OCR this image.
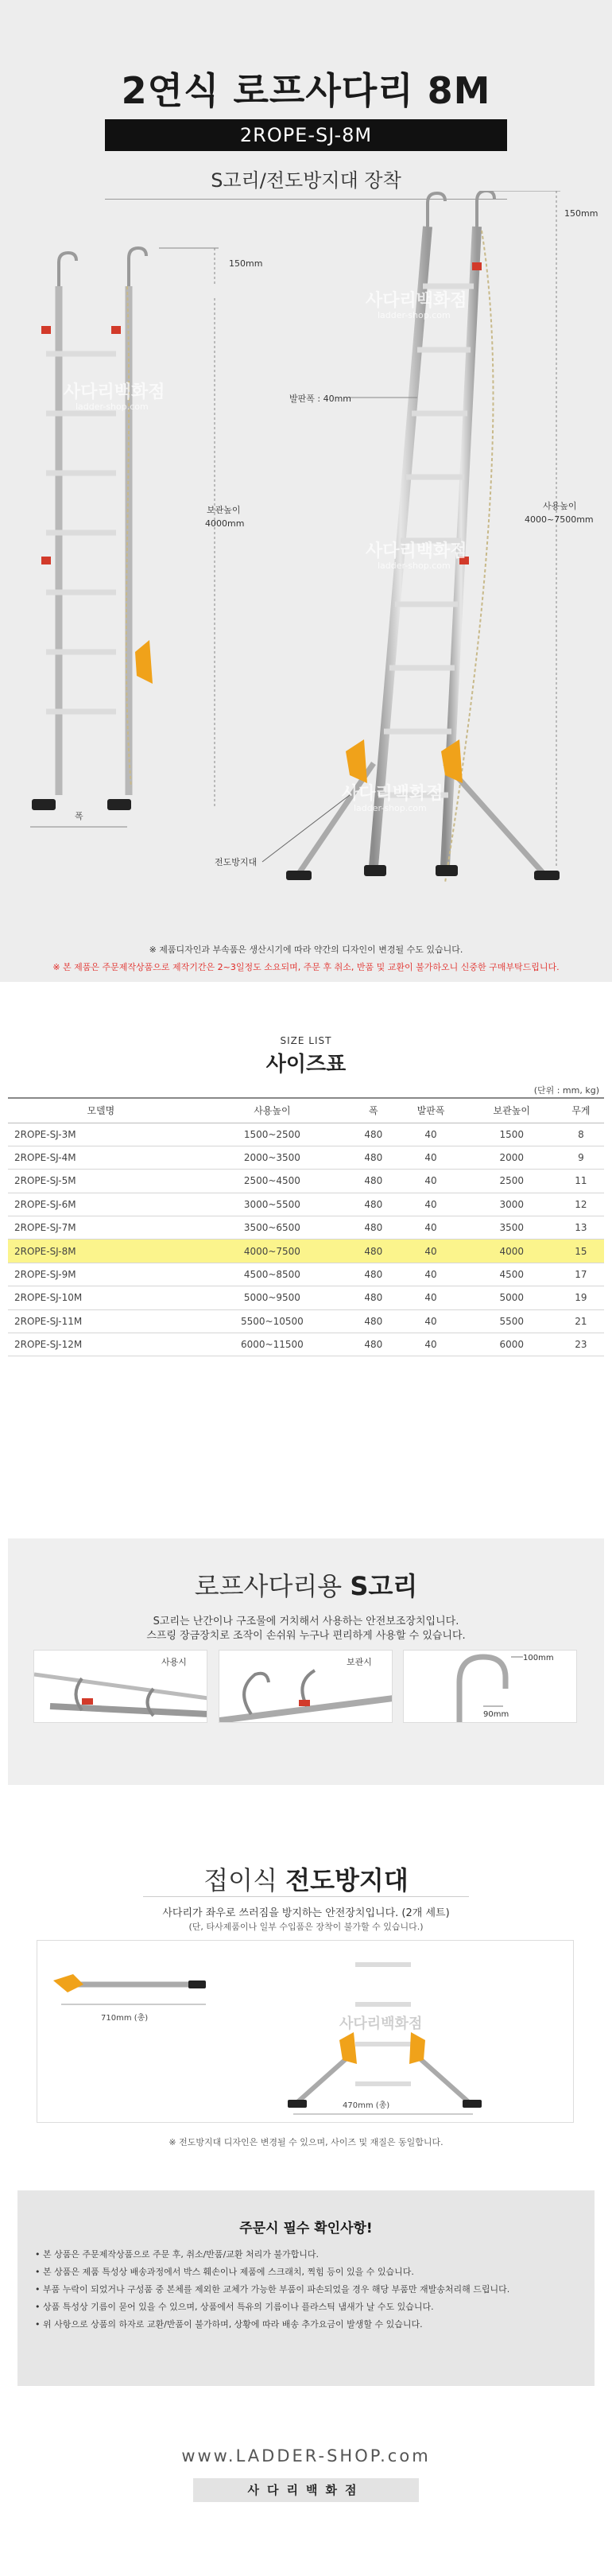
2연식 로프사다리 8M
2ROPE-SJ-8M
S고리/전도방지대 장착
150mm
보관높이
4000mm
폭
150mm
발판폭 : 40mm
사용높이
4000~7500mm
전도방지대
사다리백화점
사다리백화점
사다리백화점
사다리백화점
ladder-shop.com
ladder-shop.com
ladder-shop.com
ladder-shop.com
※ 제품디자인과 부속품은 생산시기에 따라 약간의 디자인이 변경될 수도 있습니다.
※ 본 제품은 주문제작상품으로 제작기간은 2~3일정도 소요되며, 주문 후 취소, 반품 및 교환이 불가하오니 신중한 구매부탁드립니다.
SIZE LIST
사이즈표
(단위 : mm, kg)
모델명	사용높이	폭	발판폭	보관높이	무게
2ROPE-SJ-3M	1500~2500	480	40	1500	8
2ROPE-SJ-4M	2000~3500	480	40	2000	9
2ROPE-SJ-5M	2500~4500	480	40	2500	11
2ROPE-SJ-6M	3000~5500	480	40	3000	12
2ROPE-SJ-7M	3500~6500	480	40	3500	13
2ROPE-SJ-8M	4000~7500	480	40	4000	15
2ROPE-SJ-9M	4500~8500	480	40	4500	17
2ROPE-SJ-10M	5000~9500	480	40	5000	19
2ROPE-SJ-11M	5500~10500	480	40	5500	21
2ROPE-SJ-12M	6000~11500	480	40	6000	23
로프사다리용 S고리
S고리는 난간이나 구조물에 거치해서 사용하는 안전보조장치입니다.
스프링 장금장치로 조작이 손쉬워 누구나 편리하게 사용할 수 있습니다.
사용시	보관시	100mm
90mm
접이식 전도방지대
사다리가 좌우로 쓰러짐을 방지하는 안전장치입니다. (2개 세트)
(단, 타사제품이나 일부 수입품은 장착이 불가할 수 있습니다.)
사다리백화점
710mm (총)
470mm (총)
※ 전도방지대 디자인은 변경될 수 있으며, 사이즈 및 재질은 동일합니다.
주문시 필수 확인사항!
• 본 상품은 주문제작상품으로 주문 후, 취소/반품/교환 처리가 불가합니다.
• 본 상품은 제품 특성상 배송과정에서 박스 훼손이나 제품에 스크래치, 찍힘 등이 있을 수 있습니다.
• 부품 누락이 되었거나 구성품 중 본체를 제외한 교체가 가능한 부품이 파손되었을 경우 해당 부품만 재발송처리해 드립니다.
• 상품 특성상 기름이 묻어 있을 수 있으며, 상품에서 특유의 기름이나 플라스틱 냄새가 날 수도 있습니다.
• 위 사항으로 상품의 하자로 교환/반품이 불가하며, 상황에 따라 배송 추가요금이 발생할 수 있습니다.
www.LADDER-SHOP.com
사다리백화점
